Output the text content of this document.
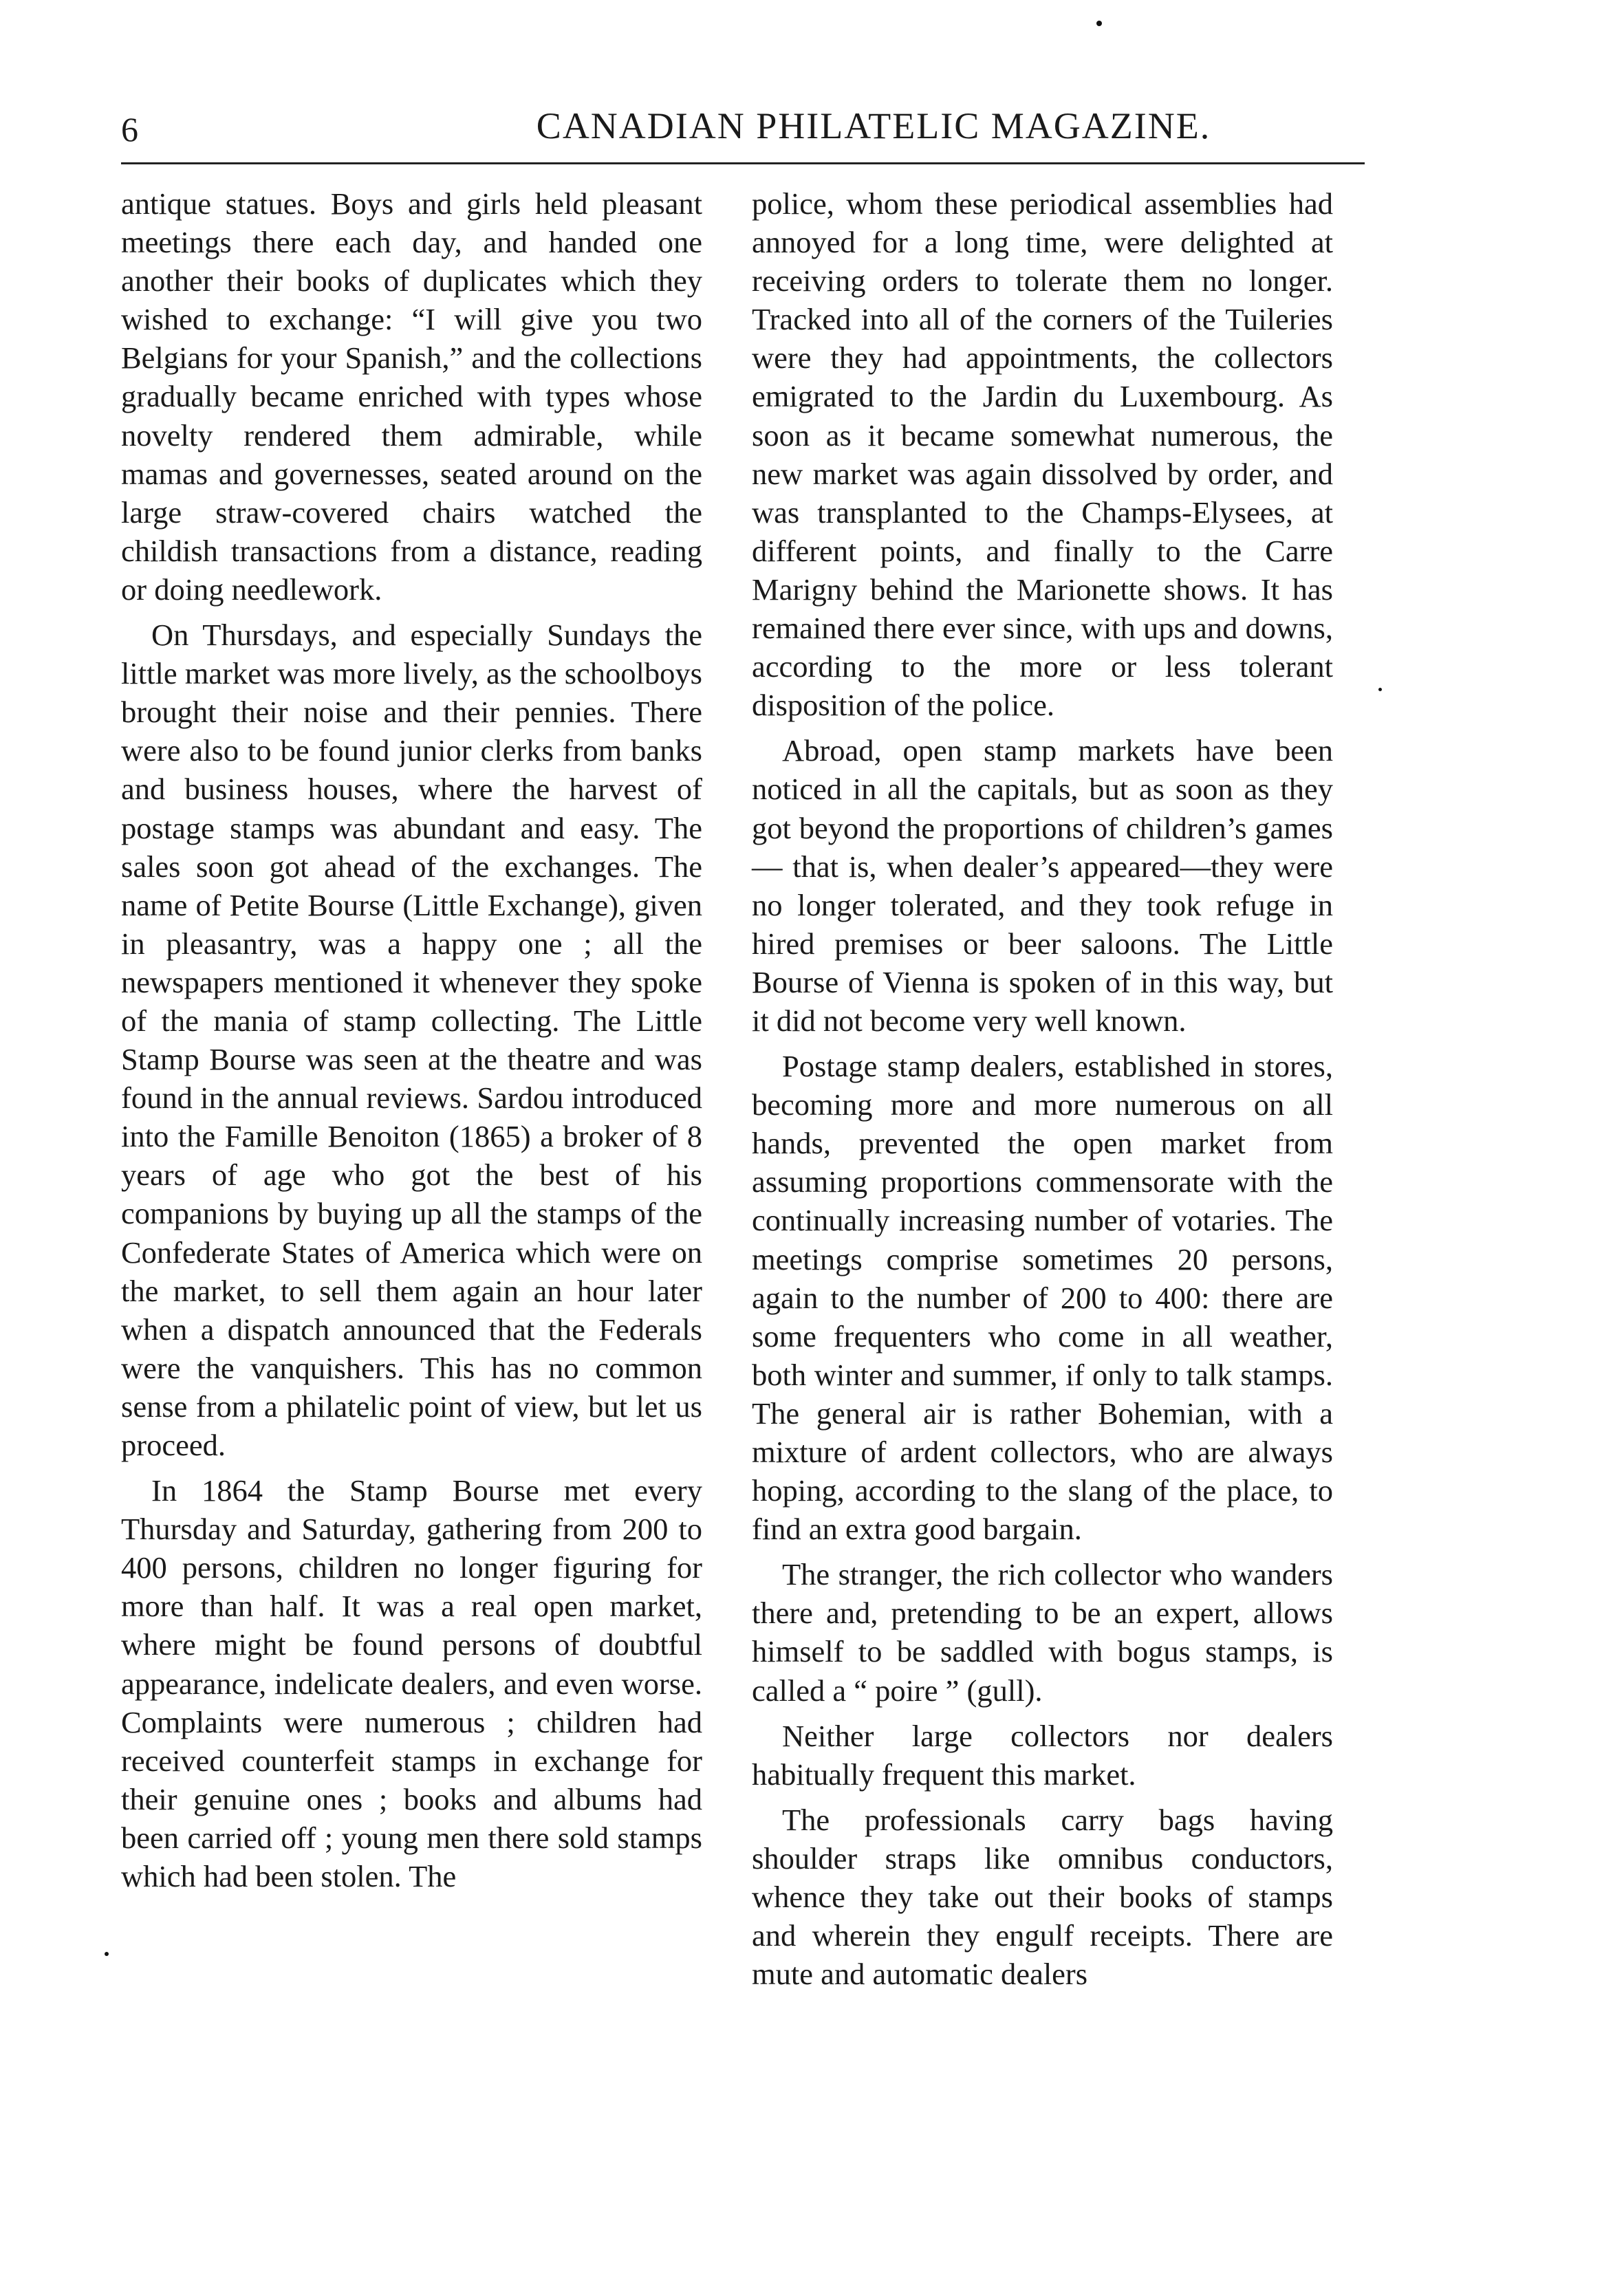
6	CANADIAN PHILATELIC MAGAZINE.

antique statues. Boys and girls held pleasant meetings there each day, and handed one another their books of duplicates which they wished to exchange: “I will give you two Belgians for your Spanish,” and the collections gradually became enriched with types whose novelty rendered them admirable, while mamas and governesses, seated around on the large straw-covered chairs watched the childish transactions from a distance, reading or doing needlework.

On Thursdays, and especially Sundays the little market was more lively, as the schoolboys brought their noise and their pennies. There were also to be found junior clerks from banks and business houses, where the harvest of postage stamps was abundant and easy. The sales soon got ahead of the exchanges. The name of Petite Bourse (Little Exchange), given in pleasantry, was a happy one ; all the newspapers mentioned it whenever they spoke of the mania of stamp collecting. The Little Stamp Bourse was seen at the theatre and was found in the annual reviews. Sardou introduced into the Famille Benoiton (1865) a broker of 8 years of age who got the best of his companions by buying up all the stamps of the Confederate States of America which were on the market, to sell them again an hour later when a dispatch announced that the Federals were the vanquishers. This has no common sense from a philatelic point of view, but let us proceed.

In 1864 the Stamp Bourse met every Thursday and Saturday, gathering from 200 to 400 persons, children no longer figuring for more than half. It was a real open market, where might be found persons of doubtful appearance, indelicate dealers, and even worse. Complaints were numerous ; children had received counterfeit stamps in exchange for their genuine ones ; books and albums had been carried off ; young men there sold stamps which had been stolen. The

police, whom these periodical assemblies had annoyed for a long time, were delighted at receiving orders to tolerate them no longer. Tracked into all of the corners of the Tuileries were they had appointments, the collectors emigrated to the Jardin du Luxembourg. As soon as it became somewhat numerous, the new market was again dissolved by order, and was transplanted to the Champs-Elysees, at different points, and finally to the Carre Marigny behind the Marionette shows. It has remained there ever since, with ups and downs, according to the more or less tolerant disposition of the police.

Abroad, open stamp markets have been noticed in all the capitals, but as soon as they got beyond the proportions of children’s games — that is, when dealer’s appeared—they were no longer tolerated, and they took refuge in hired premises or beer saloons. The Little Bourse of Vienna is spoken of in this way, but it did not become very well known.

Postage stamp dealers, established in stores, becoming more and more numerous on all hands, prevented the open market from assuming proportions commensorate with the continually increasing number of votaries. The meetings comprise sometimes 20 persons, again to the number of 200 to 400: there are some frequenters who come in all weather, both winter and summer, if only to talk stamps. The general air is rather Bohemian, with a mixture of ardent collectors, who are always hoping, according to the slang of the place, to find an extra good bargain.

The stranger, the rich collector who wanders there and, pretending to be an expert, allows himself to be saddled with bogus stamps, is called a “ poire ” (gull).

Neither large collectors nor dealers habitually frequent this market.

The professionals carry bags having shoulder straps like omnibus conductors, whence they take out their books of stamps and wherein they engulf receipts. There are mute and automatic dealers
